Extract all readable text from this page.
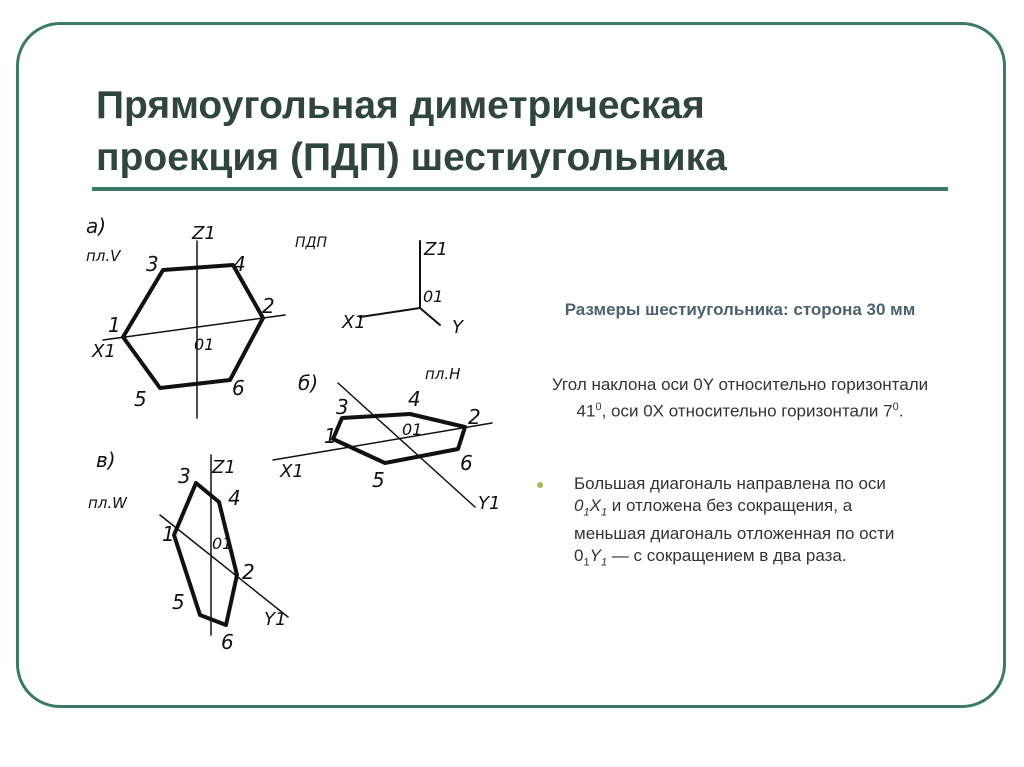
Прямоугольная диметрическая
проекция (ПДП) шестиугольника
а)
пл.V
Z1
X1	01
1
2
3	4
5	6
ПДП	Z1
01
X1	Y
б)	пл.H
1
2
3	4
5
6
01
X1
Y1
в)
пл.W
Z1
3
4
1 01
2
5
6
Y1
Размеры шестиугольника: сторона 30 мм
Угол наклона оси 0Y относительно горизонтали $41^0$, оси 0X относительно горизонтали $7^0$.
● Большая диагональ направлена по оси $0_1X_1$ и отложена без сокращения, а меньшая диагональ отложенная по ости $0_1Y_1$ — с сокращением в два раза.
